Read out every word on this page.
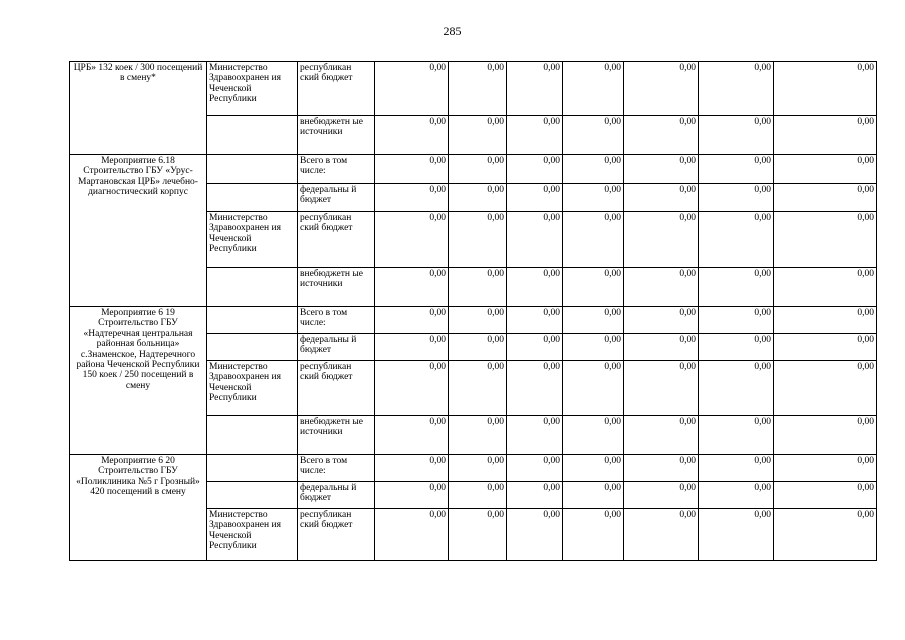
285
ЦРБ» 132 коек / 300 посещений в смену*	Министерство Здравоохранен ия Чеченской Республики	республикан ский бюджет	0,00	0,00	0,00	0,00	0,00	0,00	0,00
		внебюджетн ые источники	0,00	0,00	0,00	0,00	0,00	0,00	0,00
Мероприятие 6.18 Строительство ГБУ «Урус-Мартановская ЦРБ» лечебно-диагностический корпус		Всего в том числе:	0,00	0,00	0,00	0,00	0,00	0,00	0,00
		федеральны й бюджет	0,00	0,00	0,00	0,00	0,00	0,00	0,00
	Министерство Здравоохранен ия Чеченской Республики	республикан ский бюджет	0,00	0,00	0,00	0,00	0,00	0,00	0,00
		внебюджетн ые источники	0,00	0,00	0,00	0,00	0,00	0,00	0,00
Мероприятие 6 19 Строительство ГБУ «Надтеречная центральная районная больница» с.Знаменское, Надтеречного района Чеченской Республики 150 коек / 250 посещений в смену		Всего в том числе:	0,00	0,00	0,00	0,00	0,00	0,00	0,00
		федеральны й бюджет	0,00	0,00	0,00	0,00	0,00	0,00	0,00
	Министерство Здравоохранен ия Чеченской Республики	республикан ский бюджет	0,00	0,00	0,00	0,00	0,00	0,00	0,00
		внебюджетн ые источники	0,00	0,00	0,00	0,00	0,00	0,00	0,00
Мероприятие 6 20 Строительство ГБУ «Поликлиника №5 г Грозный» 420 посещений в смену		Всего в том числе:	0,00	0,00	0,00	0,00	0,00	0,00	0,00
		федеральны й бюджет	0,00	0,00	0,00	0,00	0,00	0,00	0,00
	Министерство Здравоохранен ия Чеченской Республики	республикан ский бюджет	0,00	0,00	0,00	0,00	0,00	0,00	0,00
